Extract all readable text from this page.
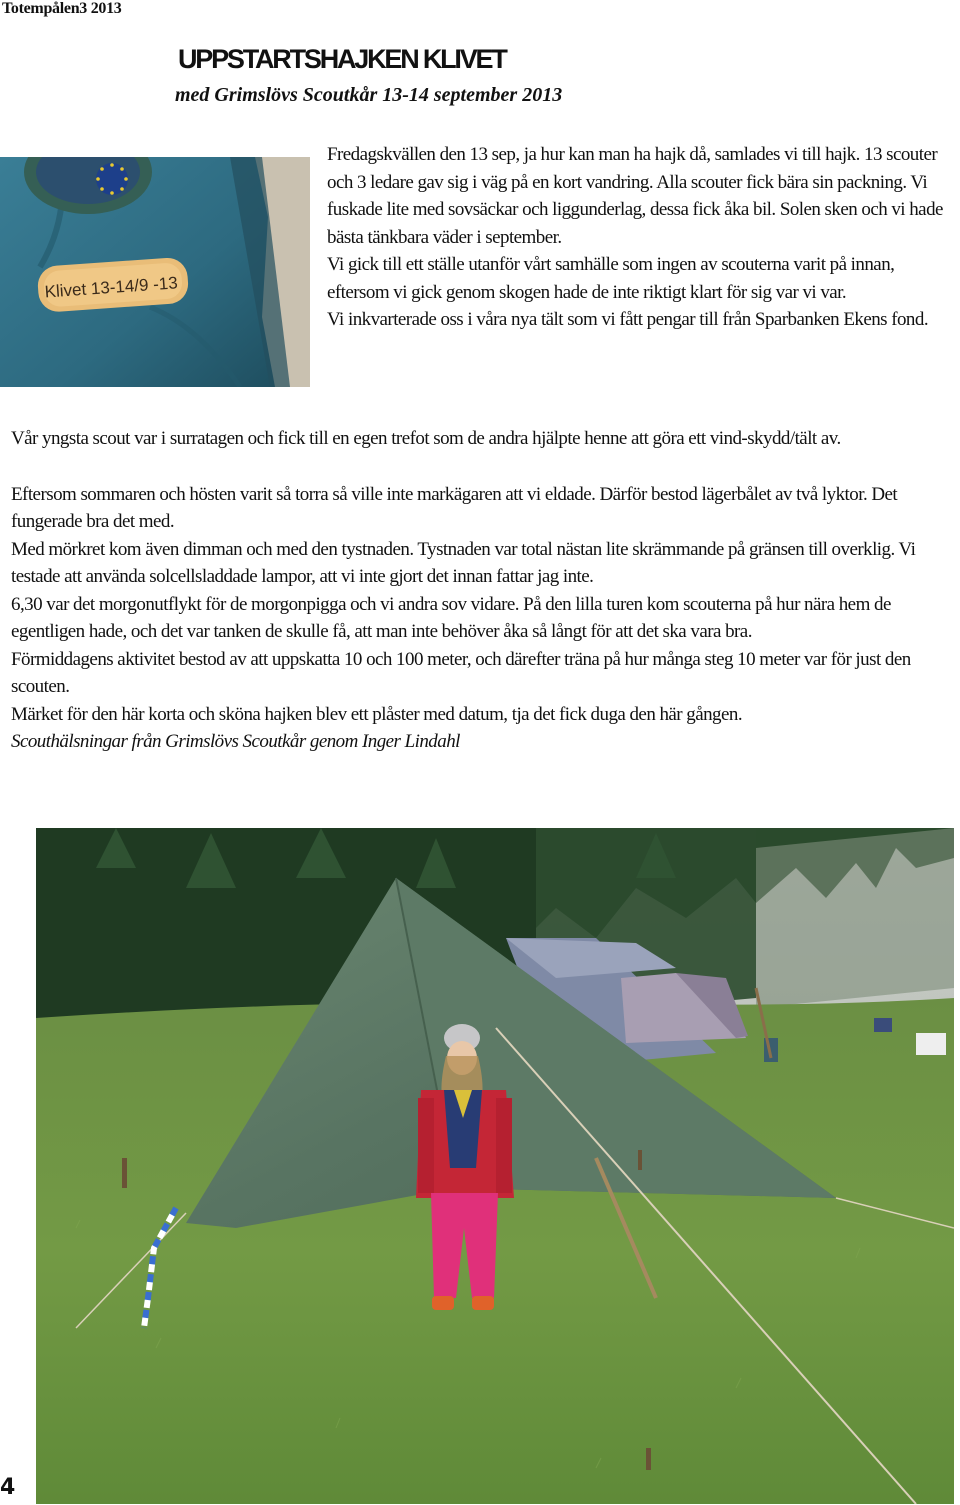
Totempålen3 2013
UPPSTARTSHAJKEN KLIVET
med Grimslövs Scoutkår 13-14 september 2013
Klivet 13-14/9 -13

Fredagskvällen den 13 sep, ja hur kan man ha hajk då, samlades vi till hajk. 13 scouter och 3 ledare gav sig i väg på en kort vandring. Alla scouter fick bära sin packning. Vi fuskade lite med sovsäckar och liggunderlag, dessa fick åka bil. Solen sken och vi hade bästa tänkbara väder i september.

Vi gick till ett ställe utanför vårt samhälle som ingen av scouterna varit på innan, eftersom vi gick genom skogen hade de inte riktigt klart för sig var vi var.

Vi inkvarterade oss i våra nya tält som vi fått pengar till från Sparbanken Ekens fond.

Vår yngsta scout var i surratagen och fick till en egen trefot som de andra hjälpte henne att göra ett vind-skydd/tält av.

Eftersom sommaren och hösten varit så torra så ville inte markägaren att vi eldade. Därför bestod lägerbålet av två lyktor. Det fungerade bra det med.

Med mörkret kom även dimman och med den tystnaden. Tystnaden var total nästan lite skrämmande på gränsen till overklig. Vi testade att använda solcellsladdade lampor, att vi inte gjort det innan fattar jag inte.

6,30 var det morgonutflykt för de morgonpigga och vi andra sov vidare. På den lilla turen kom scouterna på hur nära hem de egentligen hade, och det var tanken de skulle få, att man inte behöver åka så långt för att det ska vara bra.

Förmiddagens aktivitet bestod av att uppskatta 10 och 100 meter, och därefter träna på hur många steg 10 meter var för just den scouten.

Märket för den här korta och sköna hajken blev ett plåster med datum, tja det fick duga den här gången.

Scouthälsningar från Grimslövs Scoutkår genom Inger Lindahl

4
